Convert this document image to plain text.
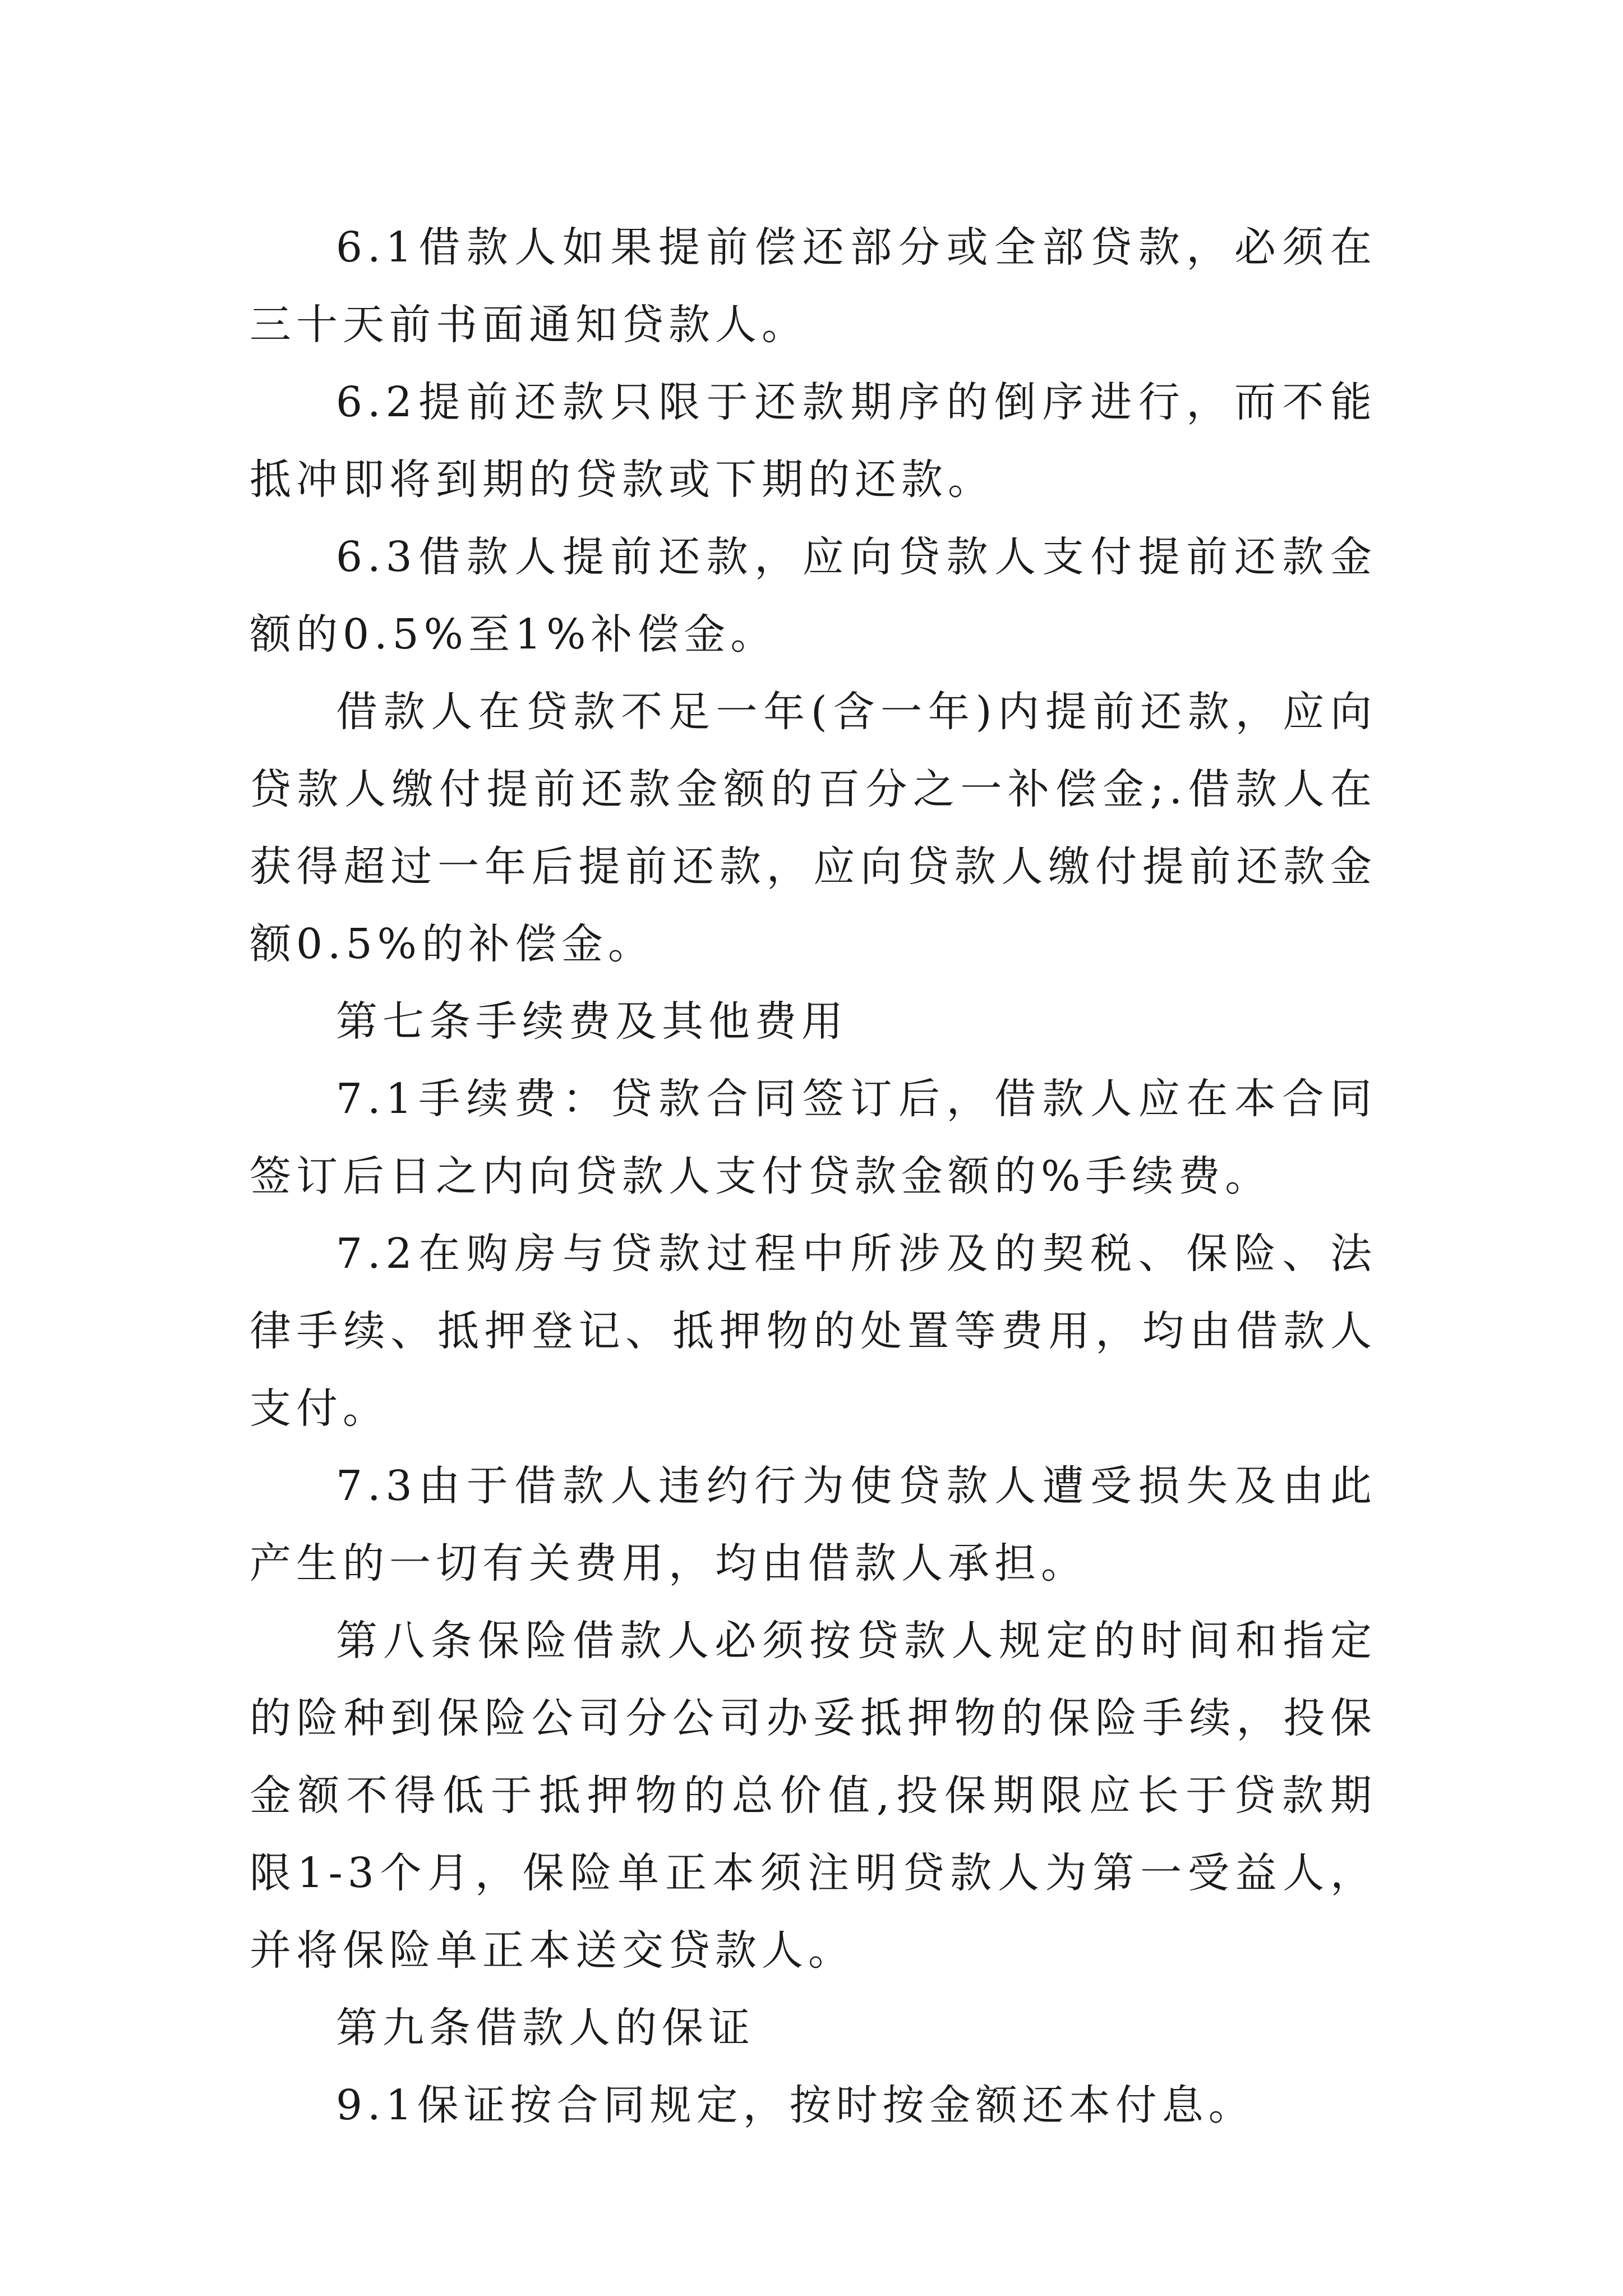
6.1借款人如果提前偿还部分或全部贷款，必须在三十天前书面通知贷款人。

6.2提前还款只限于还款期序的倒序进行，而不能抵冲即将到期的贷款或下期的还款。

6.3借款人提前还款，应向贷款人支付提前还款金额的0.5%至1%补偿金。

借款人在贷款不足一年(含一年)内提前还款，应向贷款人缴付提前还款金额的百分之一补偿金;.借款人在获得超过一年后提前还款，应向贷款人缴付提前还款金额0.5%的补偿金。

第七条手续费及其他费用

7.1手续费：贷款合同签订后，借款人应在本合同签订后日之内向贷款人支付贷款金额的%手续费。

7.2在购房与贷款过程中所涉及的契税、保险、法律手续、抵押登记、抵押物的处置等费用，均由借款人支付。

7.3由于借款人违约行为使贷款人遭受损失及由此产生的一切有关费用，均由借款人承担。

第八条保险借款人必须按贷款人规定的时间和指定的险种到保险公司分公司办妥抵押物的保险手续，投保金额不得低于抵押物的总价值,投保期限应长于贷款期限1-3个月，保险单正本须注明贷款人为第一受益人，并将保险单正本送交贷款人。

第九条借款人的保证

9.1保证按合同规定，按时按金额还本付息。
